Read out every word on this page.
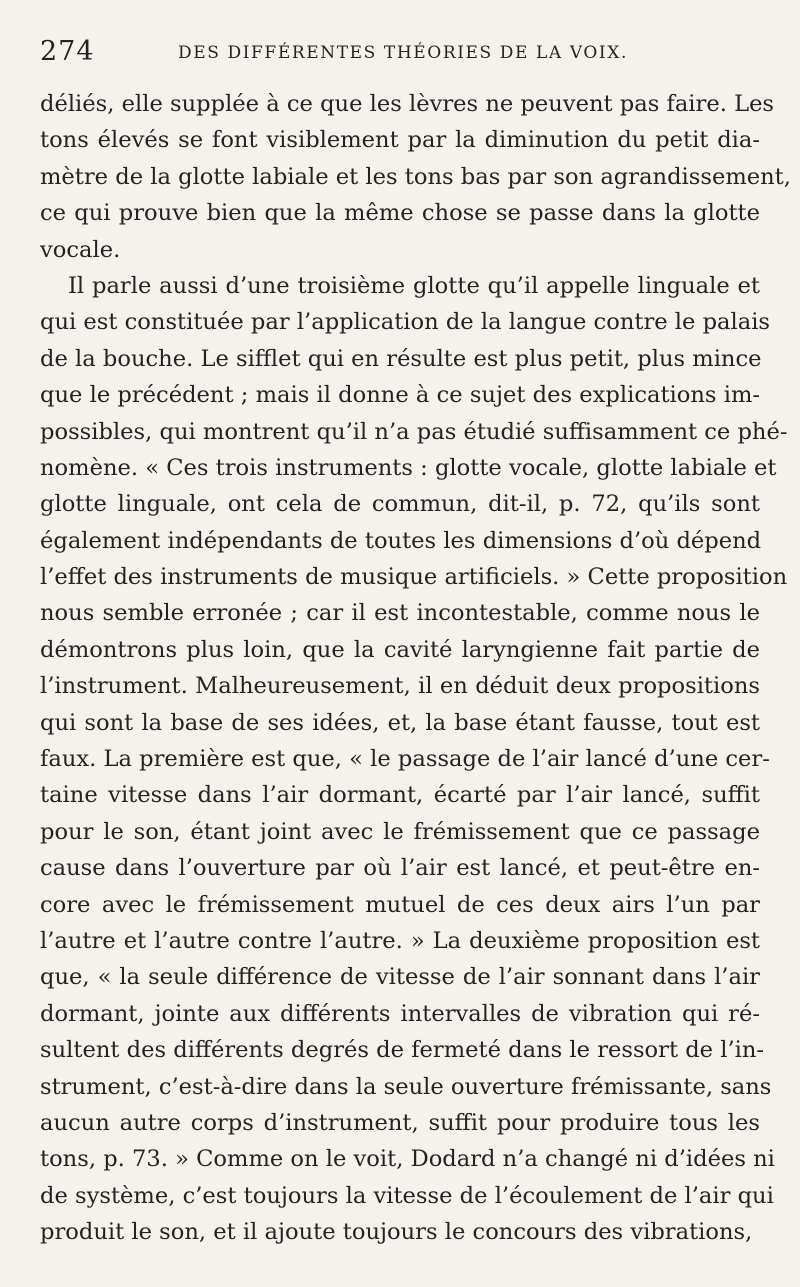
274	DES DIFFÉRENTES THÉORIES DE LA VOIX.
déliés, elle supplée à ce que les lèvres ne peuvent pas faire. Les
tons élevés se font visiblement par la diminution du petit dia-
mètre de la glotte labiale et les tons bas par son agrandissement,
ce qui prouve bien que la même chose se passe dans la glotte
vocale.
Il parle aussi d’une troisième glotte qu’il appelle linguale et
qui est constituée par l’application de la langue contre le palais
de la bouche. Le sifflet qui en résulte est plus petit, plus mince
que le précédent ; mais il donne à ce sujet des explications im-
possibles, qui montrent qu’il n’a pas étudié suffisamment ce phé-
nomène. « Ces trois instruments : glotte vocale, glotte labiale et
glotte linguale, ont cela de commun, dit-il, p. 72, qu’ils sont
également indépendants de toutes les dimensions d’où dépend
l’effet des instruments de musique artificiels. » Cette proposition
nous semble erronée ; car il est incontestable, comme nous le
démontrons plus loin, que la cavité laryngienne fait partie de
l’instrument. Malheureusement, il en déduit deux propositions
qui sont la base de ses idées, et, la base étant fausse, tout est
faux. La première est que, « le passage de l’air lancé d’une cer-
taine vitesse dans l’air dormant, écarté par l’air lancé, suffit
pour le son, étant joint avec le frémissement que ce passage
cause dans l’ouverture par où l’air est lancé, et peut-être en-
core avec le frémissement mutuel de ces deux airs l’un par
l’autre et l’autre contre l’autre. » La deuxième proposition est
que, « la seule différence de vitesse de l’air sonnant dans l’air
dormant, jointe aux différents intervalles de vibration qui ré-
sultent des différents degrés de fermeté dans le ressort de l’in-
strument, c’est-à-dire dans la seule ouverture frémissante, sans
aucun autre corps d’instrument, suffit pour produire tous les
tons, p. 73. » Comme on le voit, Dodard n’a changé ni d’idées ni
de système, c’est toujours la vitesse de l’écoulement de l’air qui
produit le son, et il ajoute toujours le concours des vibrations,
